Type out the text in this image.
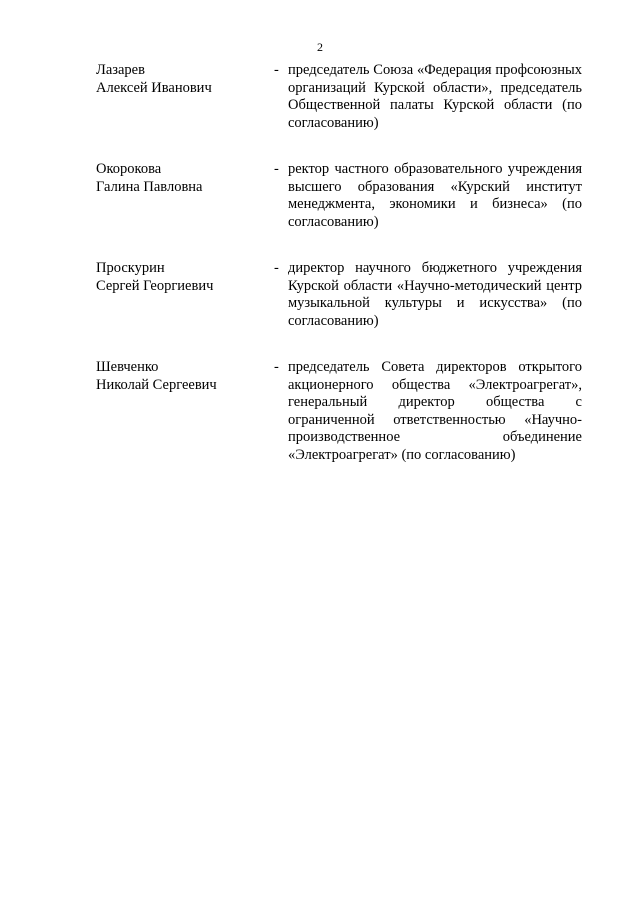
2
Лазарев
Алексей Иванович
- председатель Союза «Федерация профсоюзных организаций Курской области», председатель Общественной палаты Курской области (по согласованию)
Окорокова
Галина Павловна
- ректор частного образовательного учреждения высшего образования «Курский институт менеджмента, экономики и бизнеса» (по согласованию)
Проскурин
Сергей Георгиевич
- директор научного бюджетного учреждения Курской области «Научно-методический центр музыкальной культуры и искусства» (по согласованию)
Шевченко
Николай Сергеевич
- председатель Совета директоров открытого акционерного общества «Электроагрегат», генеральный директор общества с ограниченной ответственностью «Научно-производственное объединение «Электроагрегат» (по согласованию)
